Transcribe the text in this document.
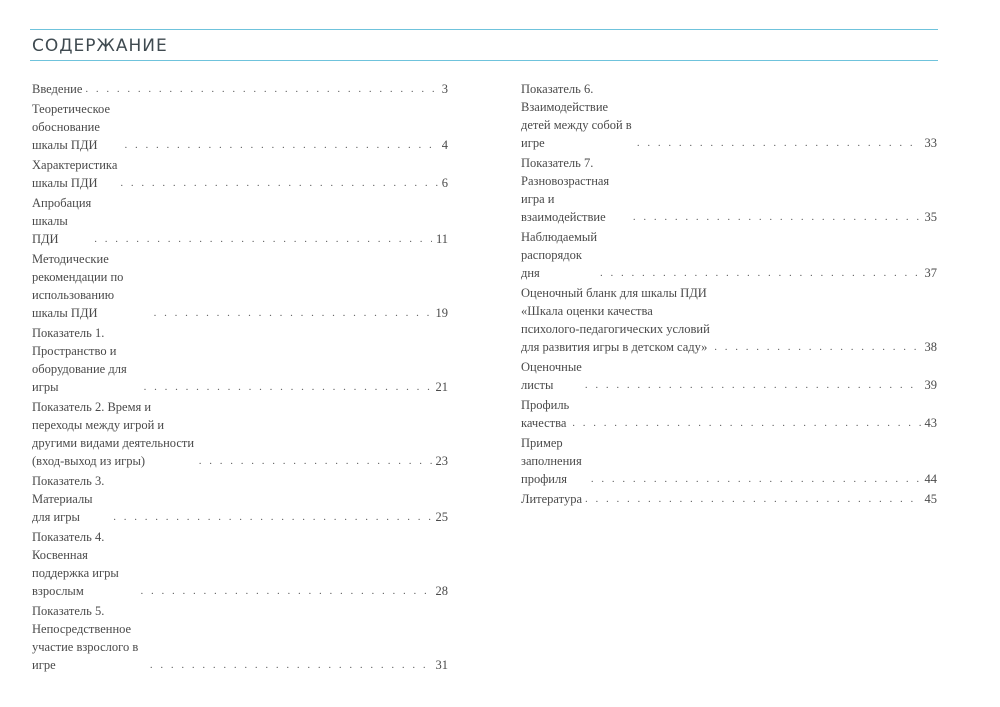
СОДЕРЖАНИЕ
Введение . . .	3
Теоретическое обоснование шкалы ПДИ . . .	4
Характеристика шкалы ПДИ . . .	6
Апробация шкалы ПДИ . . .	11
Методические рекомендации по использованию шкалы ПДИ . . .	19
Показатель 1. Пространство и оборудование для игры . . .	21
Показатель 2. Время и переходы между игрой и другими видами деятельности (вход-выход из игры) . . .	23
Показатель 3. Материалы для игры . . .	25
Показатель 4. Косвенная поддержка игры взрослым . . .	28
Показатель 5. Непосредственное участие взрослого в игре . . .	31
Показатель 6. Взаимодействие детей между собой в игре . . .	33
Показатель 7. Разновозрастная игра и взаимодействие . . .	35
Наблюдаемый распорядок дня . . .	37
Оценочный бланк для шкалы ПДИ «Шкала оценки качества психолого-педагогических условий для развития игры в детском саду» . . .	38
Оценочные листы . . .	39
Профиль качества . . .	43
Пример заполнения профиля . . .	44
Литература . . .	45
